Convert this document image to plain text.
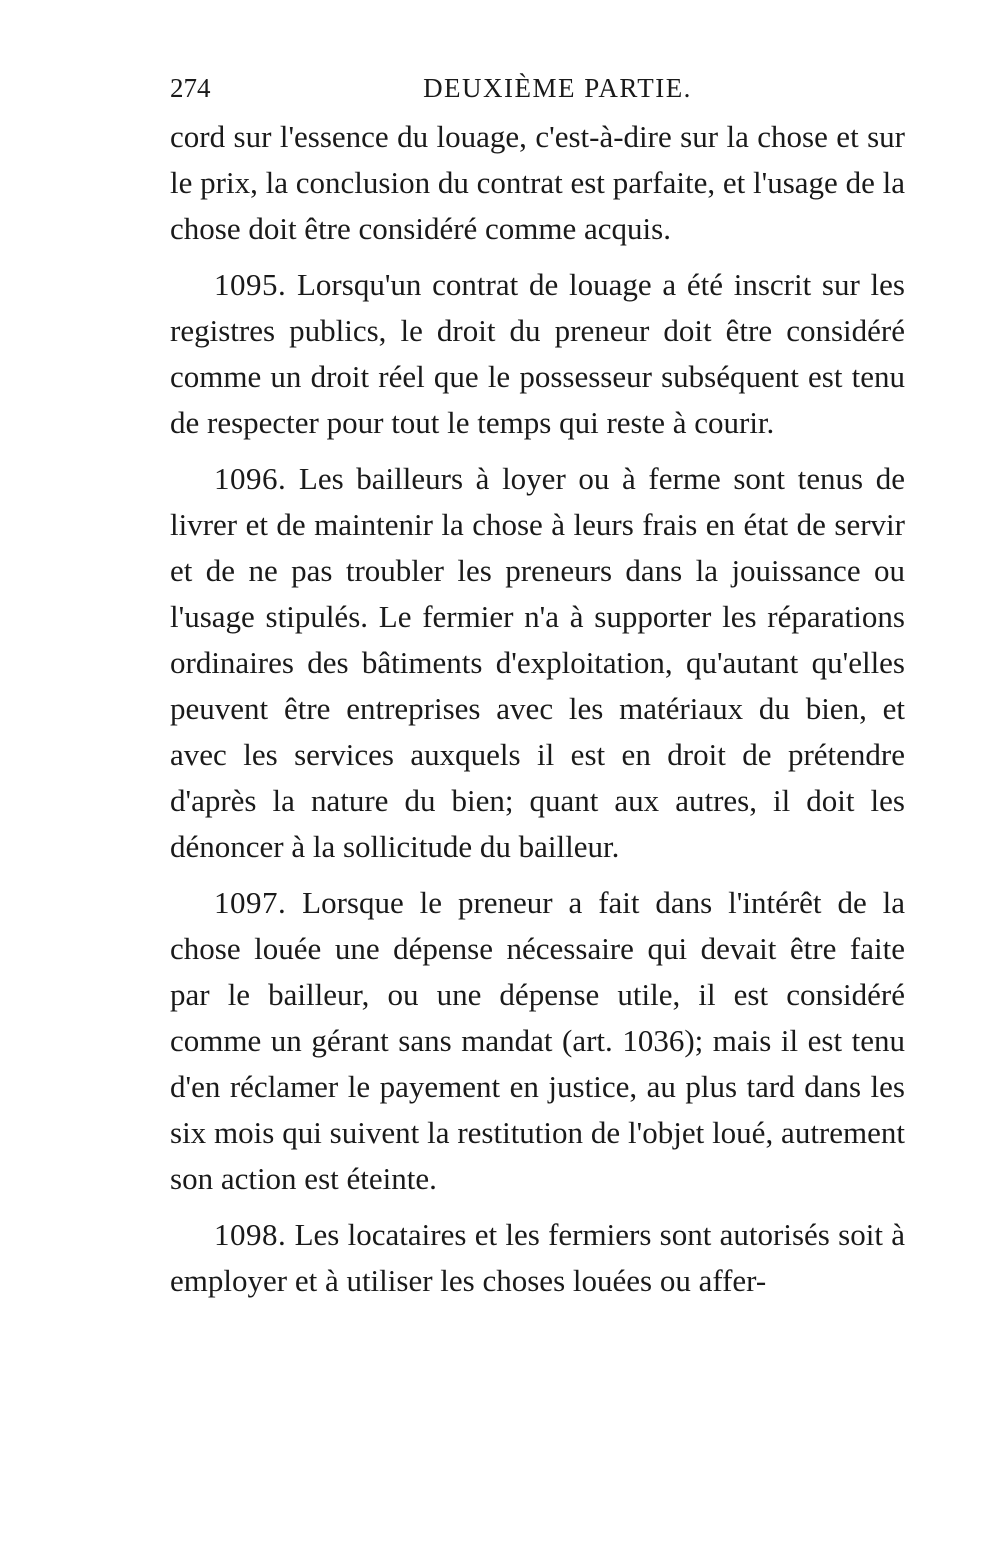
274	DEUXIÈME PARTIE.

cord sur l'essence du louage, c'est-à-dire sur la chose et sur le prix, la conclusion du contrat est parfaite, et l'usage de la chose doit être considéré comme acquis.

1095. Lorsqu'un contrat de louage a été inscrit sur les registres publics, le droit du preneur doit être considéré comme un droit réel que le possesseur subséquent est tenu de respecter pour tout le temps qui reste à courir.

1096. Les bailleurs à loyer ou à ferme sont tenus de livrer et de maintenir la chose à leurs frais en état de servir et de ne pas troubler les preneurs dans la jouissance ou l'usage stipulés. Le fermier n'a à supporter les réparations ordinaires des bâtiments d'exploitation, qu'autant qu'elles peuvent être entreprises avec les matériaux du bien, et avec les services auxquels il est en droit de prétendre d'après la nature du bien; quant aux autres, il doit les dénoncer à la sollicitude du bailleur.

1097. Lorsque le preneur a fait dans l'intérêt de la chose louée une dépense nécessaire qui devait être faite par le bailleur, ou une dépense utile, il est considéré comme un gérant sans mandat (art. 1036); mais il est tenu d'en réclamer le payement en justice, au plus tard dans les six mois qui suivent la restitution de l'objet loué, autrement son action est éteinte.

1098. Les locataires et les fermiers sont autorisés soit à employer et à utiliser les choses louées ou affer-
